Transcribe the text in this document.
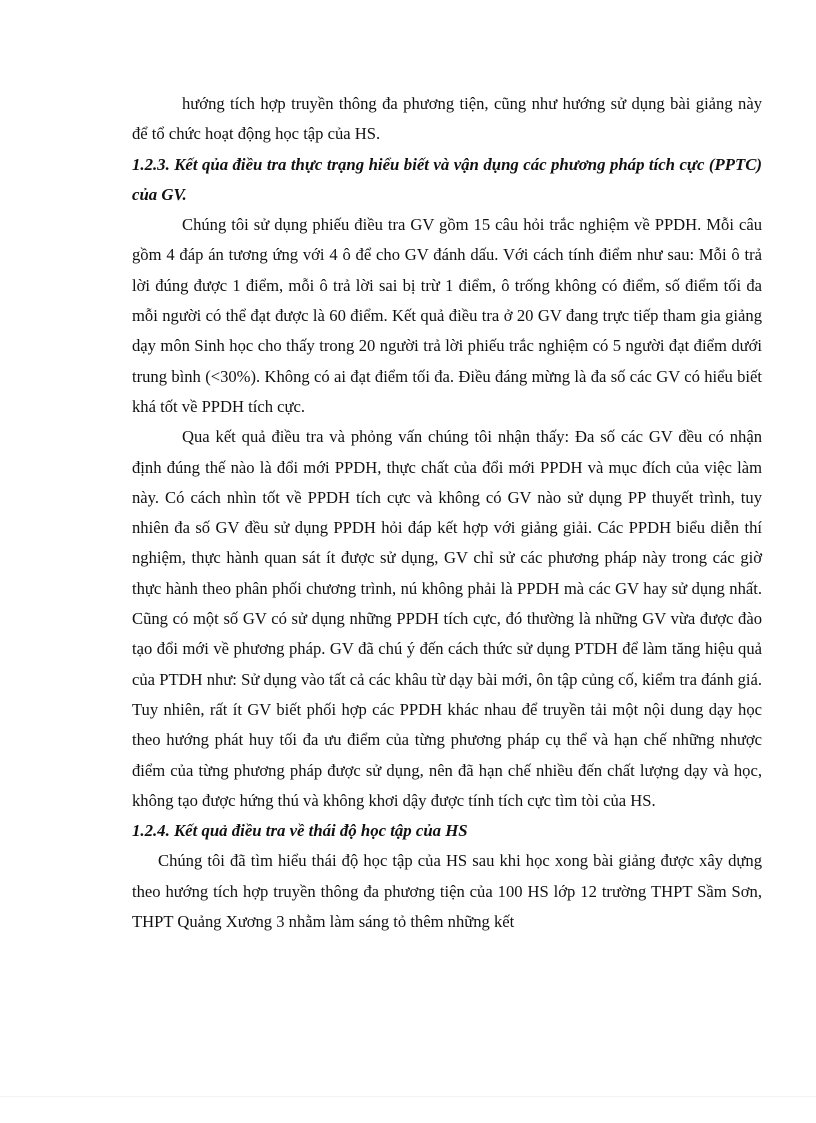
hướng tích hợp truyền thông đa phương tiện, cũng như hướng sử dụng bài giảng này để tổ chức hoạt động học tập của HS.

1.2.3. Kết qủa điều tra thực trạng hiểu biết và vận dụng các phương pháp tích cực (PPTC) của GV.

Chúng tôi sử dụng phiếu điều tra GV gồm 15 câu hỏi trắc nghiệm về PPDH. Mỗi câu gồm 4 đáp án tương ứng với 4 ô để cho GV đánh dấu. Với cách tính điểm như sau: Mỗi ô trả lời đúng được 1 điểm, mỗi ô trả lời sai bị trừ 1 điểm, ô trống không có điểm, số điểm tối đa mỗi người có thể đạt được là 60 điểm. Kết quả điều tra ở 20 GV đang trực tiếp tham gia giảng dạy môn Sinh học cho thấy trong 20 người trả lời phiếu trắc nghiệm có 5 người đạt điểm dưới trung bình (<30%). Không có ai đạt điểm tối đa. Điều đáng mừng là đa số các GV có hiểu biết khá tốt về PPDH tích cực.

Qua kết quả điều tra và phỏng vấn chúng tôi nhận thấy: Đa số các GV đều có nhận định đúng thế nào là đổi mới PPDH, thực chất của đổi mới PPDH và mục đích của việc làm này. Có cách nhìn tốt về PPDH tích cực và không có GV nào sử dụng PP thuyết trình, tuy nhiên đa số GV đều sử dụng PPDH hỏi đáp kết hợp với giảng giải. Các PPDH biểu diễn thí nghiệm, thực hành quan sát ít được sử dụng, GV chỉ sử các phương pháp này trong các giờ thực hành theo phân phối chương trình, nú không phải là PPDH mà các GV hay sử dụng nhất. Cũng có một số GV có sử dụng những PPDH tích cực, đó thường là những GV vừa được đào tạo đổi mới về phương pháp. GV đã chú ý đến cách thức sử dụng PTDH để làm tăng hiệu quả của PTDH như: Sử dụng vào tất cả các khâu từ dạy bài mới, ôn tập củng cố, kiểm tra đánh giá. Tuy nhiên, rất ít GV biết phối hợp các PPDH khác nhau để truyền tải một nội dung dạy học theo hướng phát huy tối đa ưu điểm của từng phương pháp cụ thể và hạn chế những nhược điểm của từng phương pháp được sử dụng, nên đã hạn chế nhiều đến chất lượng dạy và học, không tạo được hứng thú và không khơi dậy được tính tích cực tìm tòi của HS.

1.2.4. Kết quả điều tra về thái độ học tập của HS

Chúng tôi đã tìm hiểu thái độ học tập của HS sau khi học xong bài giảng được xây dựng theo hướng tích hợp truyền thông đa phương tiện của 100 HS lớp 12 trường THPT Sầm Sơn, THPT Quảng Xương 3 nhằm làm sáng tỏ thêm những kết
